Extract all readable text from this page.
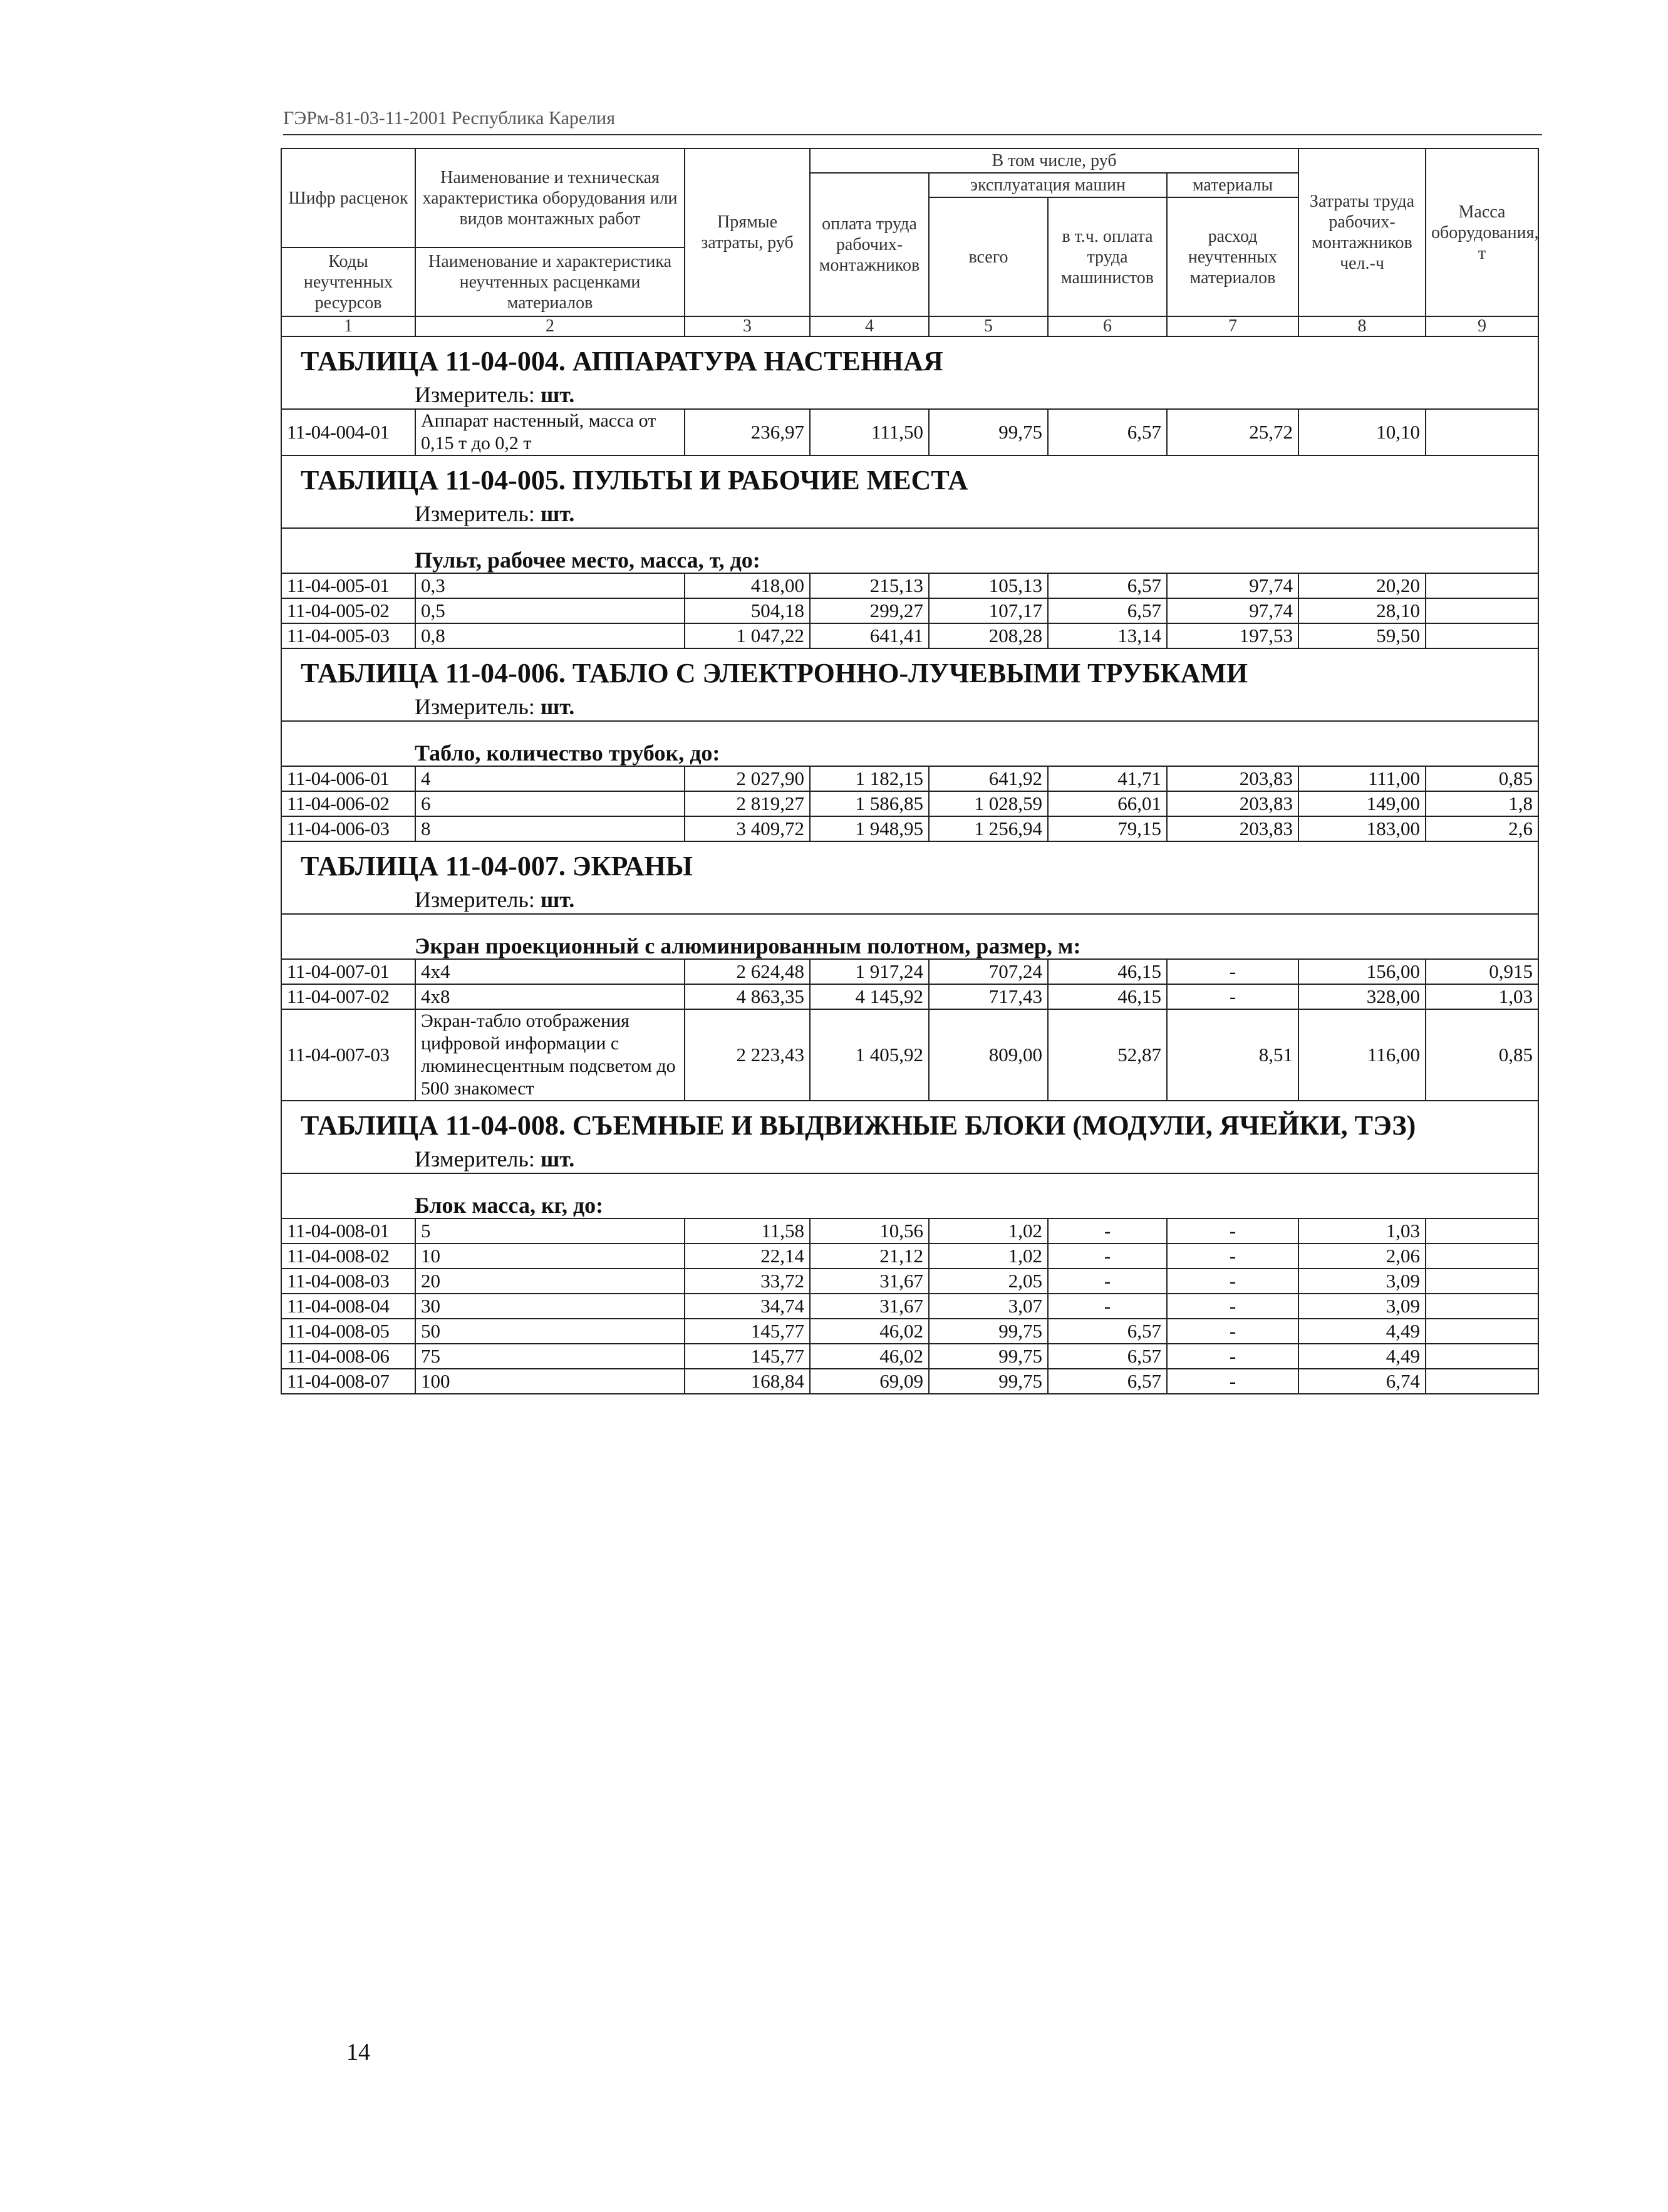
ГЭРм-81-03-11-2001 Республика Карелия
Шифр расценок	Наименование и техническая характеристика оборудования или видов монтажных работ	Прямые затраты, руб	В том числе, руб				Затраты труда рабочих-монтажников чел.-ч	Масса оборудования, т
			оплата труда рабочих-монтажников	эксплуатация машин		материалы		
				всего	в т.ч. оплата труда машинистов	расход неучтенных материалов		
Коды неучтенных ресурсов	Наименование и характеристика неучтенных расценками материалов							

1	2	3	4	5	6	7	8	9
ТАБЛИЦА 11-04-004. АППАРАТУРА НАСТЕННАЯ								
Измеритель: шт.								
11-04-004-01	Аппарат настенный, масса от 0,15 т до 0,2 т	236,97	111,50	99,75	6,57	25,72	10,10	
ТАБЛИЦА 11-04-005. ПУЛЬТЫ И РАБОЧИЕ МЕСТА								
Измеритель: шт.								
Пульт, рабочее место, масса, т, до:								
11-04-005-01	0,3	418,00	215,13	105,13	6,57	97,74	20,20	
11-04-005-02	0,5	504,18	299,27	107,17	6,57	97,74	28,10	
11-04-005-03	0,8	1 047,22	641,41	208,28	13,14	197,53	59,50	
ТАБЛИЦА 11-04-006. ТАБЛО С ЭЛЕКТРОННО-ЛУЧЕВЫМИ ТРУБКАМИ								
Измеритель: шт.								
Табло, количество трубок, до:								
11-04-006-01	4	2 027,90	1 182,15	641,92	41,71	203,83	111,00	0,85
11-04-006-02	6	2 819,27	1 586,85	1 028,59	66,01	203,83	149,00	1,8
11-04-006-03	8	3 409,72	1 948,95	1 256,94	79,15	203,83	183,00	2,6
ТАБЛИЦА 11-04-007. ЭКРАНЫ								
Измеритель: шт.								
Экран проекционный с алюминированным полотном, размер, м:								
11-04-007-01	4х4	2 624,48	1 917,24	707,24	46,15	-	156,00	0,915
11-04-007-02	4х8	4 863,35	4 145,92	717,43	46,15	-	328,00	1,03
11-04-007-03	Экран-табло отображения цифровой информации с люминесцентным подсветом до 500 знакомест	2 223,43	1 405,92	809,00	52,87	8,51	116,00	0,85
ТАБЛИЦА 11-04-008. СЪЕМНЫЕ И ВЫДВИЖНЫЕ БЛОКИ (МОДУЛИ, ЯЧЕЙКИ, ТЭЗ)								
Измеритель: шт.								
Блок масса, кг, до:								
11-04-008-01	5	11,58	10,56	1,02	-	-	1,03	
11-04-008-02	10	22,14	21,12	1,02	-	-	2,06	
11-04-008-03	20	33,72	31,67	2,05	-	-	3,09	
11-04-008-04	30	34,74	31,67	3,07	-	-	3,09	
11-04-008-05	50	145,77	46,02	99,75	6,57	-	4,49	
11-04-008-06	75	145,77	46,02	99,75	6,57	-	4,49	
11-04-008-07	100	168,84	69,09	99,75	6,57	-	6,74	
14
